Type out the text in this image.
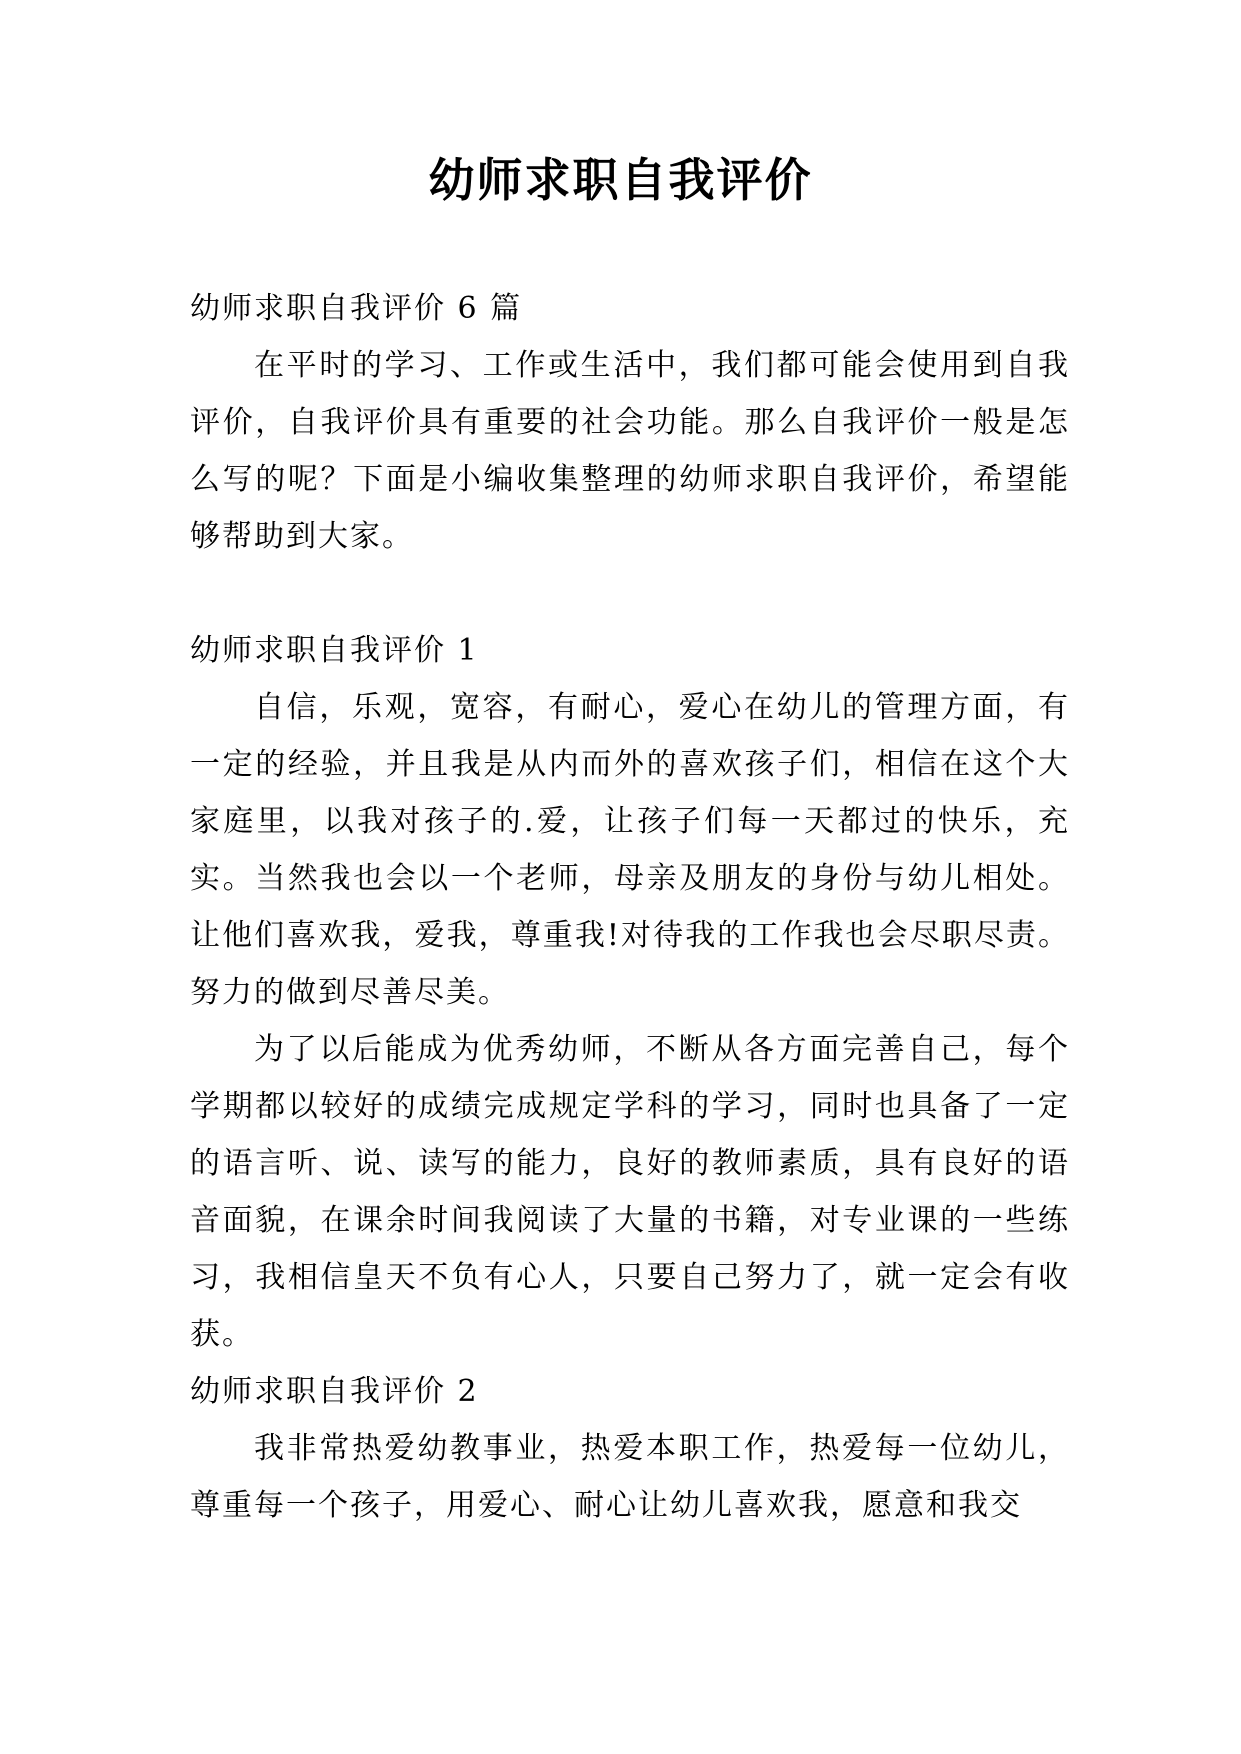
幼师求职自我评价

幼师求职自我评价 6 篇

在平时的学习、工作或生活中，我们都可能会使用到自我评价，自我评价具有重要的社会功能。那么自我评价一般是怎么写的呢？下面是小编收集整理的幼师求职自我评价，希望能够帮助到大家。

幼师求职自我评价 1

自信，乐观，宽容，有耐心，爱心在幼儿的管理方面，有一定的经验，并且我是从内而外的喜欢孩子们，相信在这个大家庭里，以我对孩子的.爱，让孩子们每一天都过的快乐，充实。当然我也会以一个老师，母亲及朋友的身份与幼儿相处。让他们喜欢我，爱我，尊重我!对待我的工作我也会尽职尽责。努力的做到尽善尽美。

为了以后能成为优秀幼师，不断从各方面完善自己，每个学期都以较好的成绩完成规定学科的学习，同时也具备了一定的语言听、说、读写的能力，良好的教师素质，具有良好的语音面貌，在课余时间我阅读了大量的书籍，对专业课的一些练习，我相信皇天不负有心人，只要自己努力了，就一定会有收获。

幼师求职自我评价 2

我非常热爱幼教事业，热爱本职工作，热爱每一位幼儿，尊重每一个孩子，用爱心、耐心让幼儿喜欢我，愿意和我交
